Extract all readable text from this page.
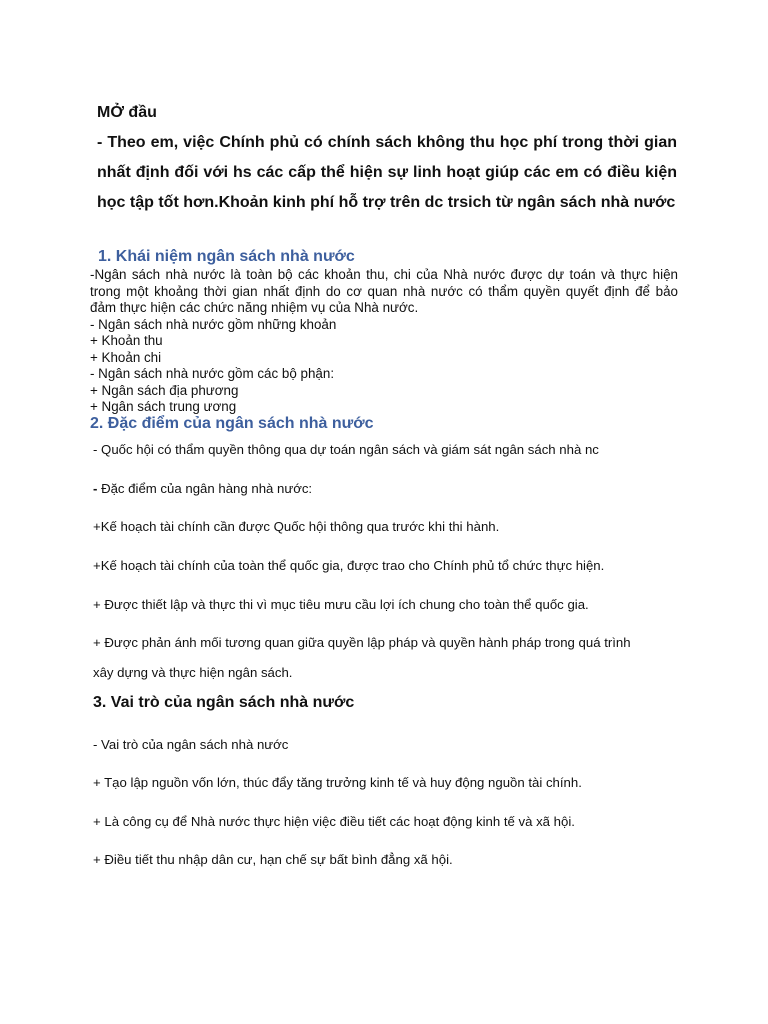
MỞ đầu
- Theo em, việc Chính phủ có chính sách không thu học phí trong thời gian nhất định đối với hs các cấp thể hiện sự linh hoạt giúp các em có điều kiện học tập tốt hơn.Khoản kinh phí hỗ trợ trên dc trsich từ ngân sách nhà nước
1. Khái niệm ngân sách nhà nước
-Ngân sách nhà nước là toàn bộ các khoản thu, chi của Nhà nước được dự toán và thực hiện
trong một khoảng thời gian nhất định do cơ quan nhà nước có thẩm quyền quyết định để bảo
đảm thực hiện các chức năng nhiệm vụ của Nhà nước.
- Ngân sách nhà nước gồm những khoản
+ Khoản thu
+ Khoản chi
- Ngân sách nhà nước gồm các bộ phận:
+ Ngân sách địa phương
+ Ngân sách trung ương
2. Đặc điểm của ngân sách nhà nước
- Quốc hội có thẩm quyền thông qua dự toán ngân sách và giám sát ngân sách nhà nc
- Đặc điểm của ngân hàng nhà nước:
+Kế hoạch tài chính cần được Quốc hội thông qua trước khi thi hành.
+Kế hoạch tài chính của toàn thể quốc gia, được trao cho Chính phủ tổ chức thực hiện.
+ Được thiết lập và thực thi vì mục tiêu mưu cầu lợi ích chung cho toàn thể quốc gia.
+ Được phản ánh mối tương quan giữa quyền lập pháp và quyền hành pháp trong quá trình
xây dựng và thực hiện ngân sách.
3. Vai trò của ngân sách nhà nước
- Vai trò của ngân sách nhà nước
+ Tạo lập nguồn vốn lớn, thúc đẩy tăng trưởng kinh tế và huy động nguồn tài chính.
+ Là công cụ để Nhà nước thực hiện việc điều tiết các hoạt động kinh tế và xã hội.
+ Điều tiết thu nhập dân cư, hạn chế sự bất bình đẳng xã hội.
